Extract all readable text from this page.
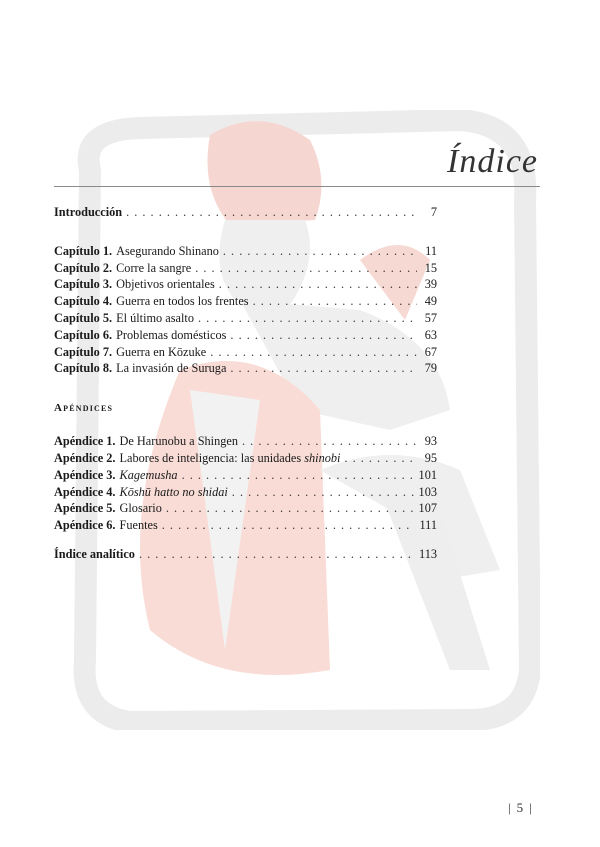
Índice
Introducción . . .	7
Capítulo 1. Asegurando Shinano . . .	11
Capítulo 2. Corre la sangre . . .	15
Capítulo 3. Objetivos orientales . . .	39
Capítulo 4. Guerra en todos los frentes . . .	49
Capítulo 5. El último asalto . . .	57
Capítulo 6. Problemas domésticos . . .	63
Capítulo 7. Guerra en Kōzuke . . .	67
Capítulo 8. La invasión de Suruga . . .	79
Apéndices
Apéndice 1. De Harunobu a Shingen . . .	93
Apéndice 2. Labores de inteligencia: las unidades shinobi . . .	95
Apéndice 3. Kagemusha . . .	101
Apéndice 4. Kōshū hatto no shidai . . .	103
Apéndice 5. Glosario . . .	107
Apéndice 6. Fuentes . . .	111
Índice analítico . . .	113
| 5 |
